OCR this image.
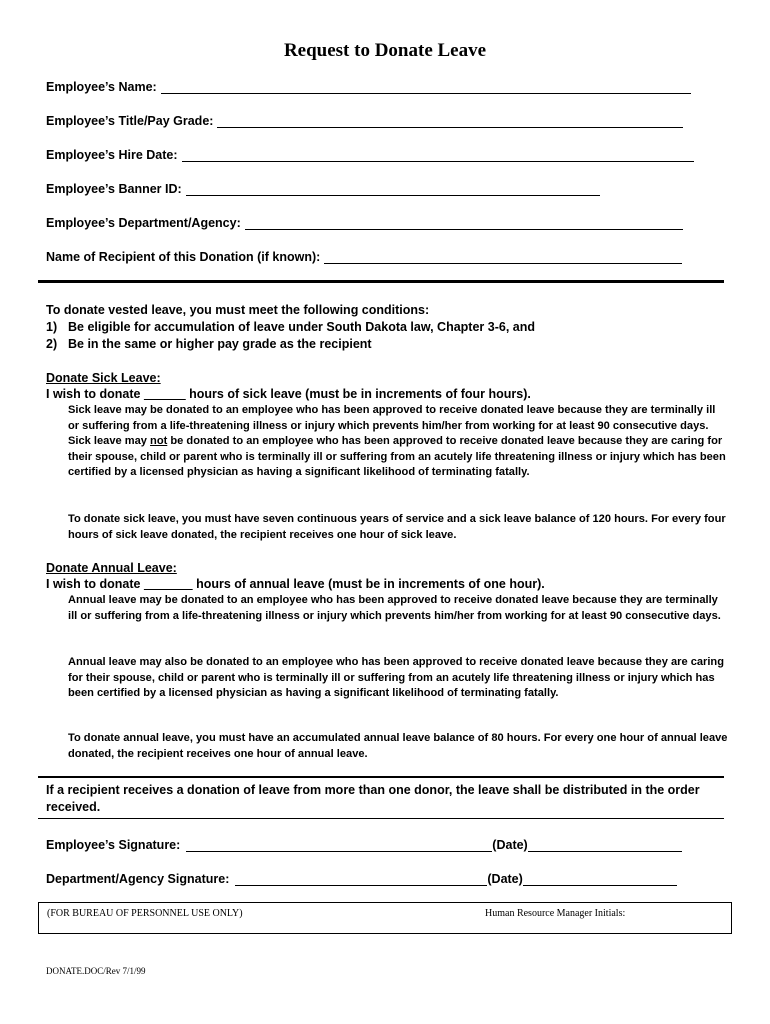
Request to Donate Leave
Employee’s Name:
Employee’s Title/Pay Grade:
Employee’s Hire Date:
Employee’s Banner ID:
Employee’s Department/Agency:
Name of Recipient of this Donation (if known):
To donate vested leave, you must meet the following conditions:
1) Be eligible for accumulation of leave under South Dakota law, Chapter 3-6, and
2) Be in the same or higher pay grade as the recipient
Donate Sick Leave:
I wish to donate ______ hours of sick leave (must be in increments of four hours).
Sick leave may be donated to an employee who has been approved to receive donated leave because they are terminally ill or suffering from a life-threatening illness or injury which prevents him/her from working for at least 90 consecutive days. Sick leave may not be donated to an employee who has been approved to receive donated leave because they are caring for their spouse, child or parent who is terminally ill or suffering from an acutely life threatening illness or injury which has been certified by a licensed physician as having a significant likelihood of terminating fatally.
To donate sick leave, you must have seven continuous years of service and a sick leave balance of 120 hours. For every four hours of sick leave donated, the recipient receives one hour of sick leave.
Donate Annual Leave:
I wish to donate _______ hours of annual leave (must be in increments of one hour).
Annual leave may be donated to an employee who has been approved to receive donated leave because they are terminally ill or suffering from a life-threatening illness or injury which prevents him/her from working for at least 90 consecutive days.
Annual leave may also be donated to an employee who has been approved to receive donated leave because they are caring for their spouse, child or parent who is terminally ill or suffering from an acutely life threatening illness or injury which has been certified by a licensed physician as having a significant likelihood of terminating fatally.
To donate annual leave, you must have an accumulated annual leave balance of 80 hours. For every one hour of annual leave donated, the recipient receives one hour of annual leave.
If a recipient receives a donation of leave from more than one donor, the leave shall be distributed in the order received.
Employee’s Signature:	(Date)
Department/Agency Signature:	(Date)
(FOR BUREAU OF PERSONNEL USE ONLY)	Human Resource Manager Initials:
DONATE.DOC/Rev 7/1/99
